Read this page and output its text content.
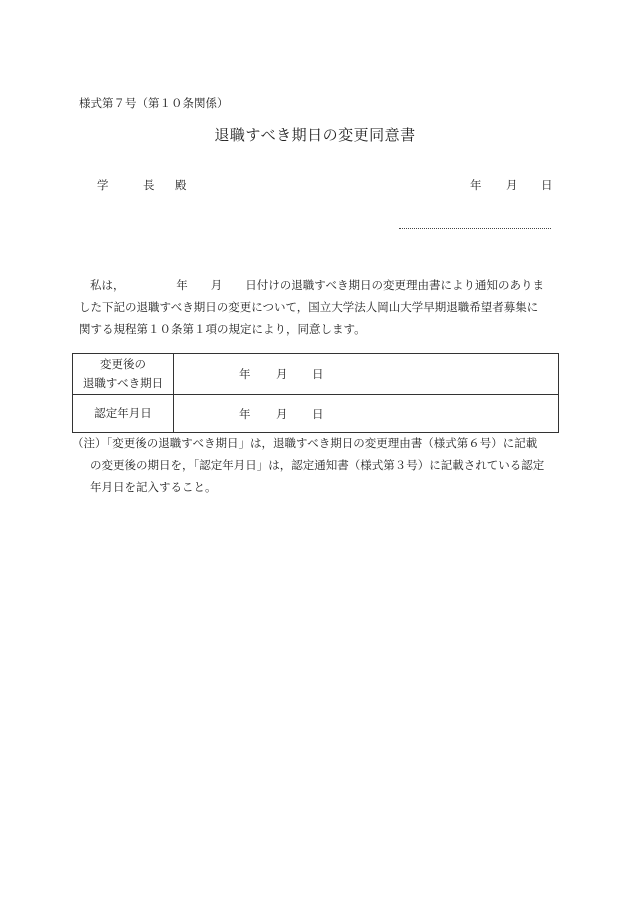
様式第７号（第１０条関係）
退職すべき期日の変更同意書
学	長 殿	年 月 日
私は，　　　　　年　　月　　日付けの退職すべき期日の変更理由書により通知のありま
した下記の退職すべき期日の変更について，国立大学法人岡山大学早期退職希望者募集に
関する規程第１０条第１項の規定により，同意します。
変更後の
退職すべき期日	年 月 日
認定年月日	年 月 日
（注）「変更後の退職すべき期日」は，退職すべき期日の変更理由書（様式第６号）に記載
の変更後の期日を，「認定年月日」は，認定通知書（様式第３号）に記載されている認定
年月日を記入すること。
